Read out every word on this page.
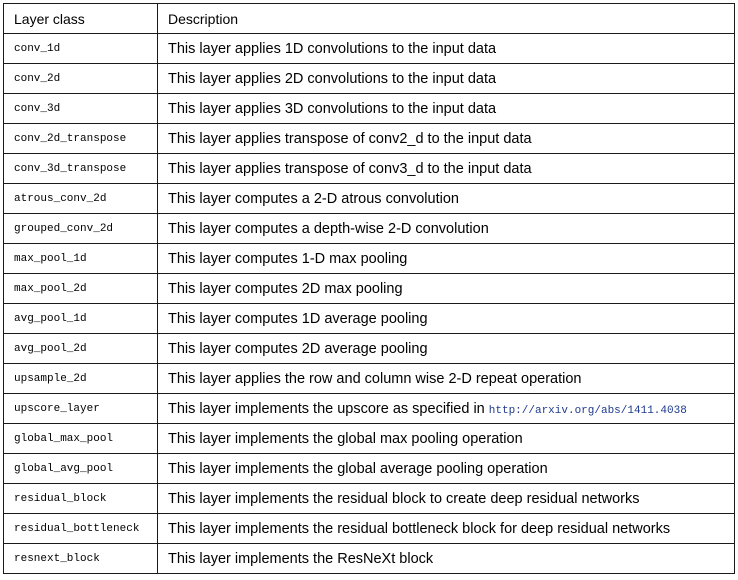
Layer class	Description
conv_1d	This layer applies 1D convolutions to the input data
conv_2d	This layer applies 2D convolutions to the input data
conv_3d	This layer applies 3D convolutions to the input data
conv_2d_transpose	This layer applies transpose of conv2_d to the input data
conv_3d_transpose	This layer applies transpose of conv3_d to the input data
atrous_conv_2d	This layer computes a 2-D atrous convolution
grouped_conv_2d	This layer computes a depth-wise 2-D convolution
max_pool_1d	This layer computes 1-D max pooling
max_pool_2d	This layer computes 2D max pooling
avg_pool_1d	This layer computes 1D average pooling
avg_pool_2d	This layer computes 2D average pooling
upsample_2d	This layer applies the row and column wise 2-D repeat operation
upscore_layer	This layer implements the upscore as specified in http://arxiv.org/abs/1411.4038
global_max_pool	This layer implements the global max pooling operation
global_avg_pool	This layer implements the global average pooling operation
residual_block	This layer implements the residual block to create deep residual networks
residual_bottleneck	This layer implements the residual bottleneck block for deep residual networks
resnext_block	This layer implements the ResNeXt block
